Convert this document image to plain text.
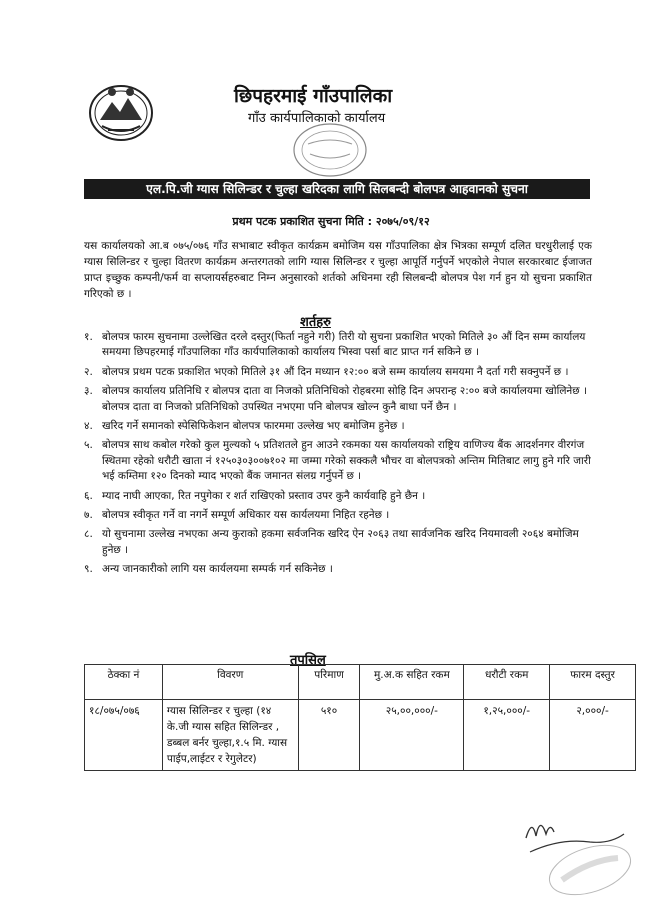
छिपहरमाई गाँउपालिका
गाँउ कार्यपालिकाको कार्यालय
एल.पि.जी ग्यास सिलिन्डर र चुल्हा खरिदका लागि सिलबन्दी बोलपत्र आहवानको सुचना
प्रथम पटक प्रकाशित सुचना मिति : २०७५/०९/१२
यस कार्यालयको आ.ब ०७५/०७६ गाँउ सभाबाट स्वीकृत कार्यक्रम बमोजिम यस गाँउपालिका क्षेत्र भित्रका सम्पूर्ण दलित घरधुरीलाई एक ग्यास सिलिन्डर र चुल्हा वितरण कार्यक्रम अन्तरगतको लागि ग्यास सिलिन्डर र चुल्हा आपूर्ति गर्नुपर्ने भएकोले नेपाल सरकारबाट ईजाजत प्राप्त इच्छुक कम्पनी/फर्म वा सप्लायर्सहरुबाट निम्न अनुसारको शर्तको अधिनमा रही सिलबन्दी बोलपत्र पेश गर्न हुन यो सुचना प्रकाशित गरिएको छ ।
शर्तहरु
१. बोलपत्र फारम सुचनामा उल्लेखित दरले दस्तुर(फिर्ता नहुने गरी) तिरी यो सुचना प्रकाशित भएको मितिले ३० औं दिन सम्म कार्यालय समयमा छिपहरमाई गाँउपालिका गाँउ कार्यपालिकाको कार्यालय भिस्वा पर्सा बाट प्राप्त गर्न सकिने छ ।
२. बोलपत्र प्रथम पटक प्रकाशित भएको मितिले ३१ औं दिन मध्यान १२:०० बजे सम्म कार्यालय समयमा नै दर्ता गरी सक्नुपर्ने छ ।
३. बोलपत्र कार्यालय प्रतिनिधि र बोलपत्र दाता वा निजको प्रतिनिधिको रोहबरमा सोहि दिन अपरान्ह २:०० बजे कार्यालयमा खोलिनेछ । बोलपत्र दाता वा निजको प्रतिनिधिको उपस्थित नभएमा पनि बोलपत्र खोल्न कुनै बाधा पर्ने छैन ।
४. खरिद गर्ने समानको स्पेसिफिकेशन बोलपत्र फारममा उल्लेख भए बमोजिम हुनेछ ।
५. बोलपत्र साथ कबोल गरेको कुल मुल्यको ५ प्रतिशतले हुन आउने रकमका यस कार्यालयको राष्ट्रिय वाणिज्य बैंक आदर्शनगर वीरगंज स्थितमा रहेको धरौटी खाता नं १२५०३०३००७१०२ मा जम्मा गरेको सक्कलै भौचर वा बोलपत्रको अन्तिम मितिबाट लागु हुने गरि जारी भई कम्तिमा १२० दिनको म्याद भएको बैंक जमानत संलग्र गर्नुपर्ने छ ।
६. म्याद नाघी आएका, रित नपुगेका र शर्त राखिएको प्रस्ताव उपर कुनै कार्यवाहि हुने छैन ।
७. बोलपत्र स्वीकृत गर्ने वा नगर्ने सम्पूर्ण अधिकार यस कार्यलयमा निहित रहनेछ ।
८. यो सुचनामा उल्लेख नभएका अन्य कुराको हकमा सर्वजनिक खरिद ऐन २०६३ तथा सार्वजनिक खरिद नियमावली २०६४ बमोजिम हुनेछ ।
९. अन्य जानकारीको लागि यस कार्यलयमा सम्पर्क गर्न सकिनेछ ।
तपसिल
ठेक्का नं	विवरण	परिमाण	मु.अ.क सहित रकम	धरौटी रकम	फारम दस्तुर
१८/०७५/०७६	ग्यास सिलिन्डर र चुल्हा (१४ के.जी ग्यास सहित सिलिन्डर , डब्बल बर्नर चुल्हा,१.५ मि. ग्यास पाईप,लाईटर र रेगुलेटर)	५१०	२५,००,०००/-	१,२५,०००/-	२,०००/-
